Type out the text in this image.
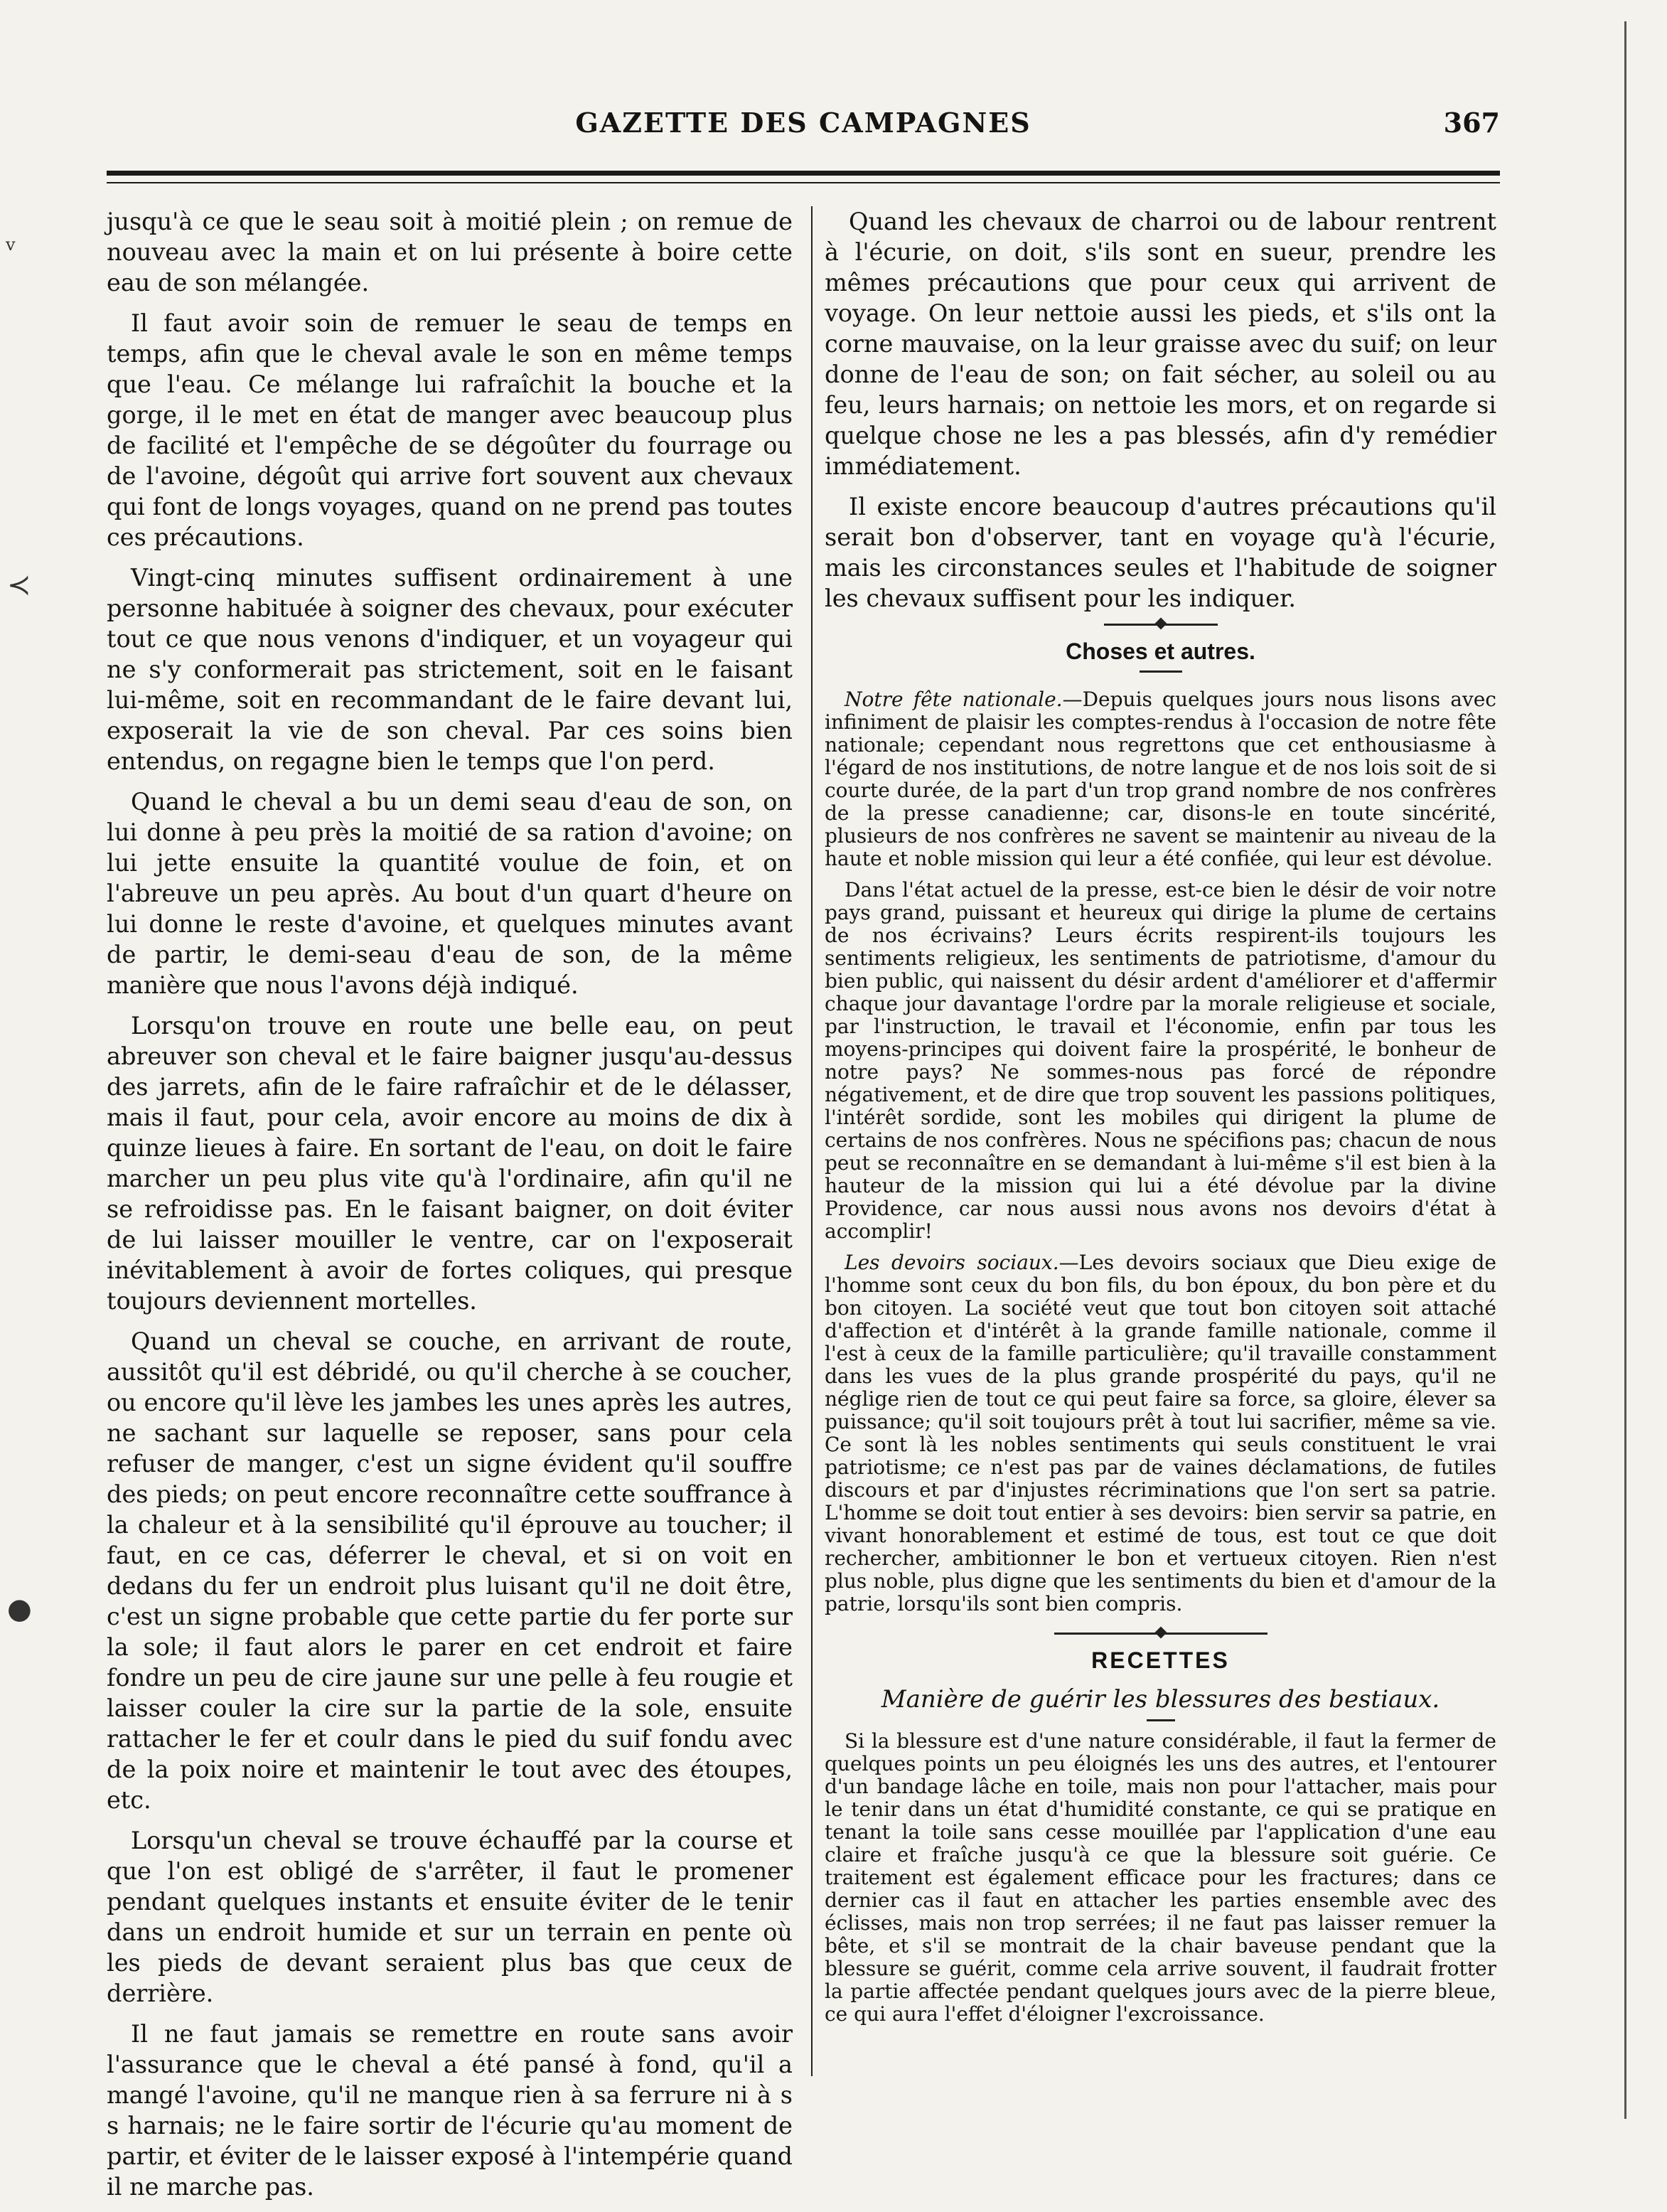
GAZETTE DES CAMPAGNES	367
v
≺
●

jusqu'à ce que le seau soit à moitié plein ; on remue de nouveau avec la main et on lui présente à boire cette eau de son mélangée.

Il faut avoir soin de remuer le seau de temps en temps, afin que le cheval avale le son en même temps que l'eau. Ce mélange lui rafraîchit la bouche et la gorge, il le met en état de manger avec beaucoup plus de facilité et l'empêche de se dégoûter du fourrage ou de l'avoine, dégoût qui arrive fort souvent aux chevaux qui font de longs voyages, quand on ne prend pas toutes ces précautions.

Vingt-cinq minutes suffisent ordinairement à une personne habituée à soigner des chevaux, pour exécuter tout ce que nous venons d'indiquer, et un voyageur qui ne s'y conformerait pas strictement, soit en le faisant lui-même, soit en recommandant de le faire devant lui, exposerait la vie de son cheval. Par ces soins bien entendus, on regagne bien le temps que l'on perd.

Quand le cheval a bu un demi seau d'eau de son, on lui donne à peu près la moitié de sa ration d'avoine; on lui jette ensuite la quantité voulue de foin, et on l'abreuve un peu après. Au bout d'un quart d'heure on lui donne le reste d'avoine, et quelques minutes avant de partir, le demi-seau d'eau de son, de la même manière que nous l'avons déjà indiqué.

Lorsqu'on trouve en route une belle eau, on peut abreuver son cheval et le faire baigner jusqu'au-dessus des jarrets, afin de le faire rafraîchir et de le délasser, mais il faut, pour cela, avoir encore au moins de dix à quinze lieues à faire. En sortant de l'eau, on doit le faire marcher un peu plus vite qu'à l'ordinaire, afin qu'il ne se refroidisse pas. En le faisant baigner, on doit éviter de lui laisser mouiller le ventre, car on l'exposerait inévitablement à avoir de fortes coliques, qui presque toujours deviennent mortelles.

Quand un cheval se couche, en arrivant de route, aussitôt qu'il est débridé, ou qu'il cherche à se coucher, ou encore qu'il lève les jambes les unes après les autres, ne sachant sur laquelle se reposer, sans pour cela refuser de manger, c'est un signe évident qu'il souffre des pieds; on peut encore reconnaître cette souffrance à la chaleur et à la sensibilité qu'il éprouve au toucher; il faut, en ce cas, déferrer le cheval, et si on voit en dedans du fer un endroit plus luisant qu'il ne doit être, c'est un signe probable que cette partie du fer porte sur la sole; il faut alors le parer en cet endroit et faire fondre un peu de cire jaune sur une pelle à feu rougie et laisser couler la cire sur la partie de la sole, ensuite rattacher le fer et coulr dans le pied du suif fondu avec de la poix noire et maintenir le tout avec des étoupes, etc.

Lorsqu'un cheval se trouve échauffé par la course et que l'on est obligé de s'arrêter, il faut le promener pendant quelques instants et ensuite éviter de le tenir dans un endroit humide et sur un terrain en pente où les pieds de devant seraient plus bas que ceux de derrière.

Il ne faut jamais se remettre en route sans avoir l'assurance que le cheval a été pansé à fond, qu'il a mangé l'avoine, qu'il ne manque rien à sa ferrure ni à s s harnais; ne le faire sortir de l'écurie qu'au moment de partir, et éviter de le laisser exposé à l'intempérie quand il ne marche pas.

Quand les chevaux de charroi ou de labour rentrent à l'écurie, on doit, s'ils sont en sueur, prendre les mêmes précautions que pour ceux qui arrivent de voyage. On leur nettoie aussi les pieds, et s'ils ont la corne mauvaise, on la leur graisse avec du suif; on leur donne de l'eau de son; on fait sécher, au soleil ou au feu, leurs harnais; on nettoie les mors, et on regarde si quelque chose ne les a pas blessés, afin d'y remédier immédiatement.

Il existe encore beaucoup d'autres précautions qu'il serait bon d'observer, tant en voyage qu'à l'écurie, mais les circonstances seules et l'habitude de soigner les chevaux suffisent pour les indiquer.

Choses et autres.

Notre fête nationale.—Depuis quelques jours nous lisons avec infiniment de plaisir les comptes-rendus à l'occasion de notre fête nationale; cependant nous regrettons que cet enthousiasme à l'égard de nos institutions, de notre langue et de nos lois soit de si courte durée, de la part d'un trop grand nombre de nos confrères de la presse canadienne; car, disons-le en toute sincérité, plusieurs de nos confrères ne savent se maintenir au niveau de la haute et noble mission qui leur a été confiée, qui leur est dévolue.

Dans l'état actuel de la presse, est-ce bien le désir de voir notre pays grand, puissant et heureux qui dirige la plume de certains de nos écrivains? Leurs écrits respirent-ils toujours les sentiments religieux, les sentiments de patriotisme, d'amour du bien public, qui naissent du désir ardent d'améliorer et d'affermir chaque jour davantage l'ordre par la morale religieuse et sociale, par l'instruction, le travail et l'économie, enfin par tous les moyens-principes qui doivent faire la prospérité, le bonheur de notre pays? Ne sommes-nous pas forcé de répondre négativement, et de dire que trop souvent les passions politiques, l'intérêt sordide, sont les mobiles qui dirigent la plume de certains de nos confrères. Nous ne spécifions pas; chacun de nous peut se reconnaître en se demandant à lui-même s'il est bien à la hauteur de la mission qui lui a été dévolue par la divine Providence, car nous aussi nous avons nos devoirs d'état à accomplir!

Les devoirs sociaux.—Les devoirs sociaux que Dieu exige de l'homme sont ceux du bon fils, du bon époux, du bon père et du bon citoyen. La société veut que tout bon citoyen soit attaché d'affection et d'intérêt à la grande famille nationale, comme il l'est à ceux de la famille particulière; qu'il travaille constamment dans les vues de la plus grande prospérité du pays, qu'il ne néglige rien de tout ce qui peut faire sa force, sa gloire, élever sa puissance; qu'il soit toujours prêt à tout lui sacrifier, même sa vie. Ce sont là les nobles sentiments qui seuls constituent le vrai patriotisme; ce n'est pas par de vaines déclamations, de futiles discours et par d'injustes récriminations que l'on sert sa patrie. L'homme se doit tout entier à ses devoirs: bien servir sa patrie, en vivant honorablement et estimé de tous, est tout ce que doit rechercher, ambitionner le bon et vertueux citoyen. Rien n'est plus noble, plus digne que les sentiments du bien et d'amour de la patrie, lorsqu'ils sont bien compris.

RECETTES
Manière de guérir les blessures des bestiaux.

Si la blessure est d'une nature considérable, il faut la fermer de quelques points un peu éloignés les uns des autres, et l'entourer d'un bandage lâche en toile, mais non pour l'attacher, mais pour le tenir dans un état d'humidité constante, ce qui se pratique en tenant la toile sans cesse mouillée par l'application d'une eau claire et fraîche jusqu'à ce que la blessure soit guérie. Ce traitement est également efficace pour les fractures; dans ce dernier cas il faut en attacher les parties ensemble avec des éclisses, mais non trop serrées; il ne faut pas laisser remuer la bête, et s'il se montrait de la chair baveuse pendant que la blessure se guérit, comme cela arrive souvent, il faudrait frotter la partie affectée pendant quelques jours avec de la pierre bleue, ce qui aura l'effet d'éloigner l'excroissance.
